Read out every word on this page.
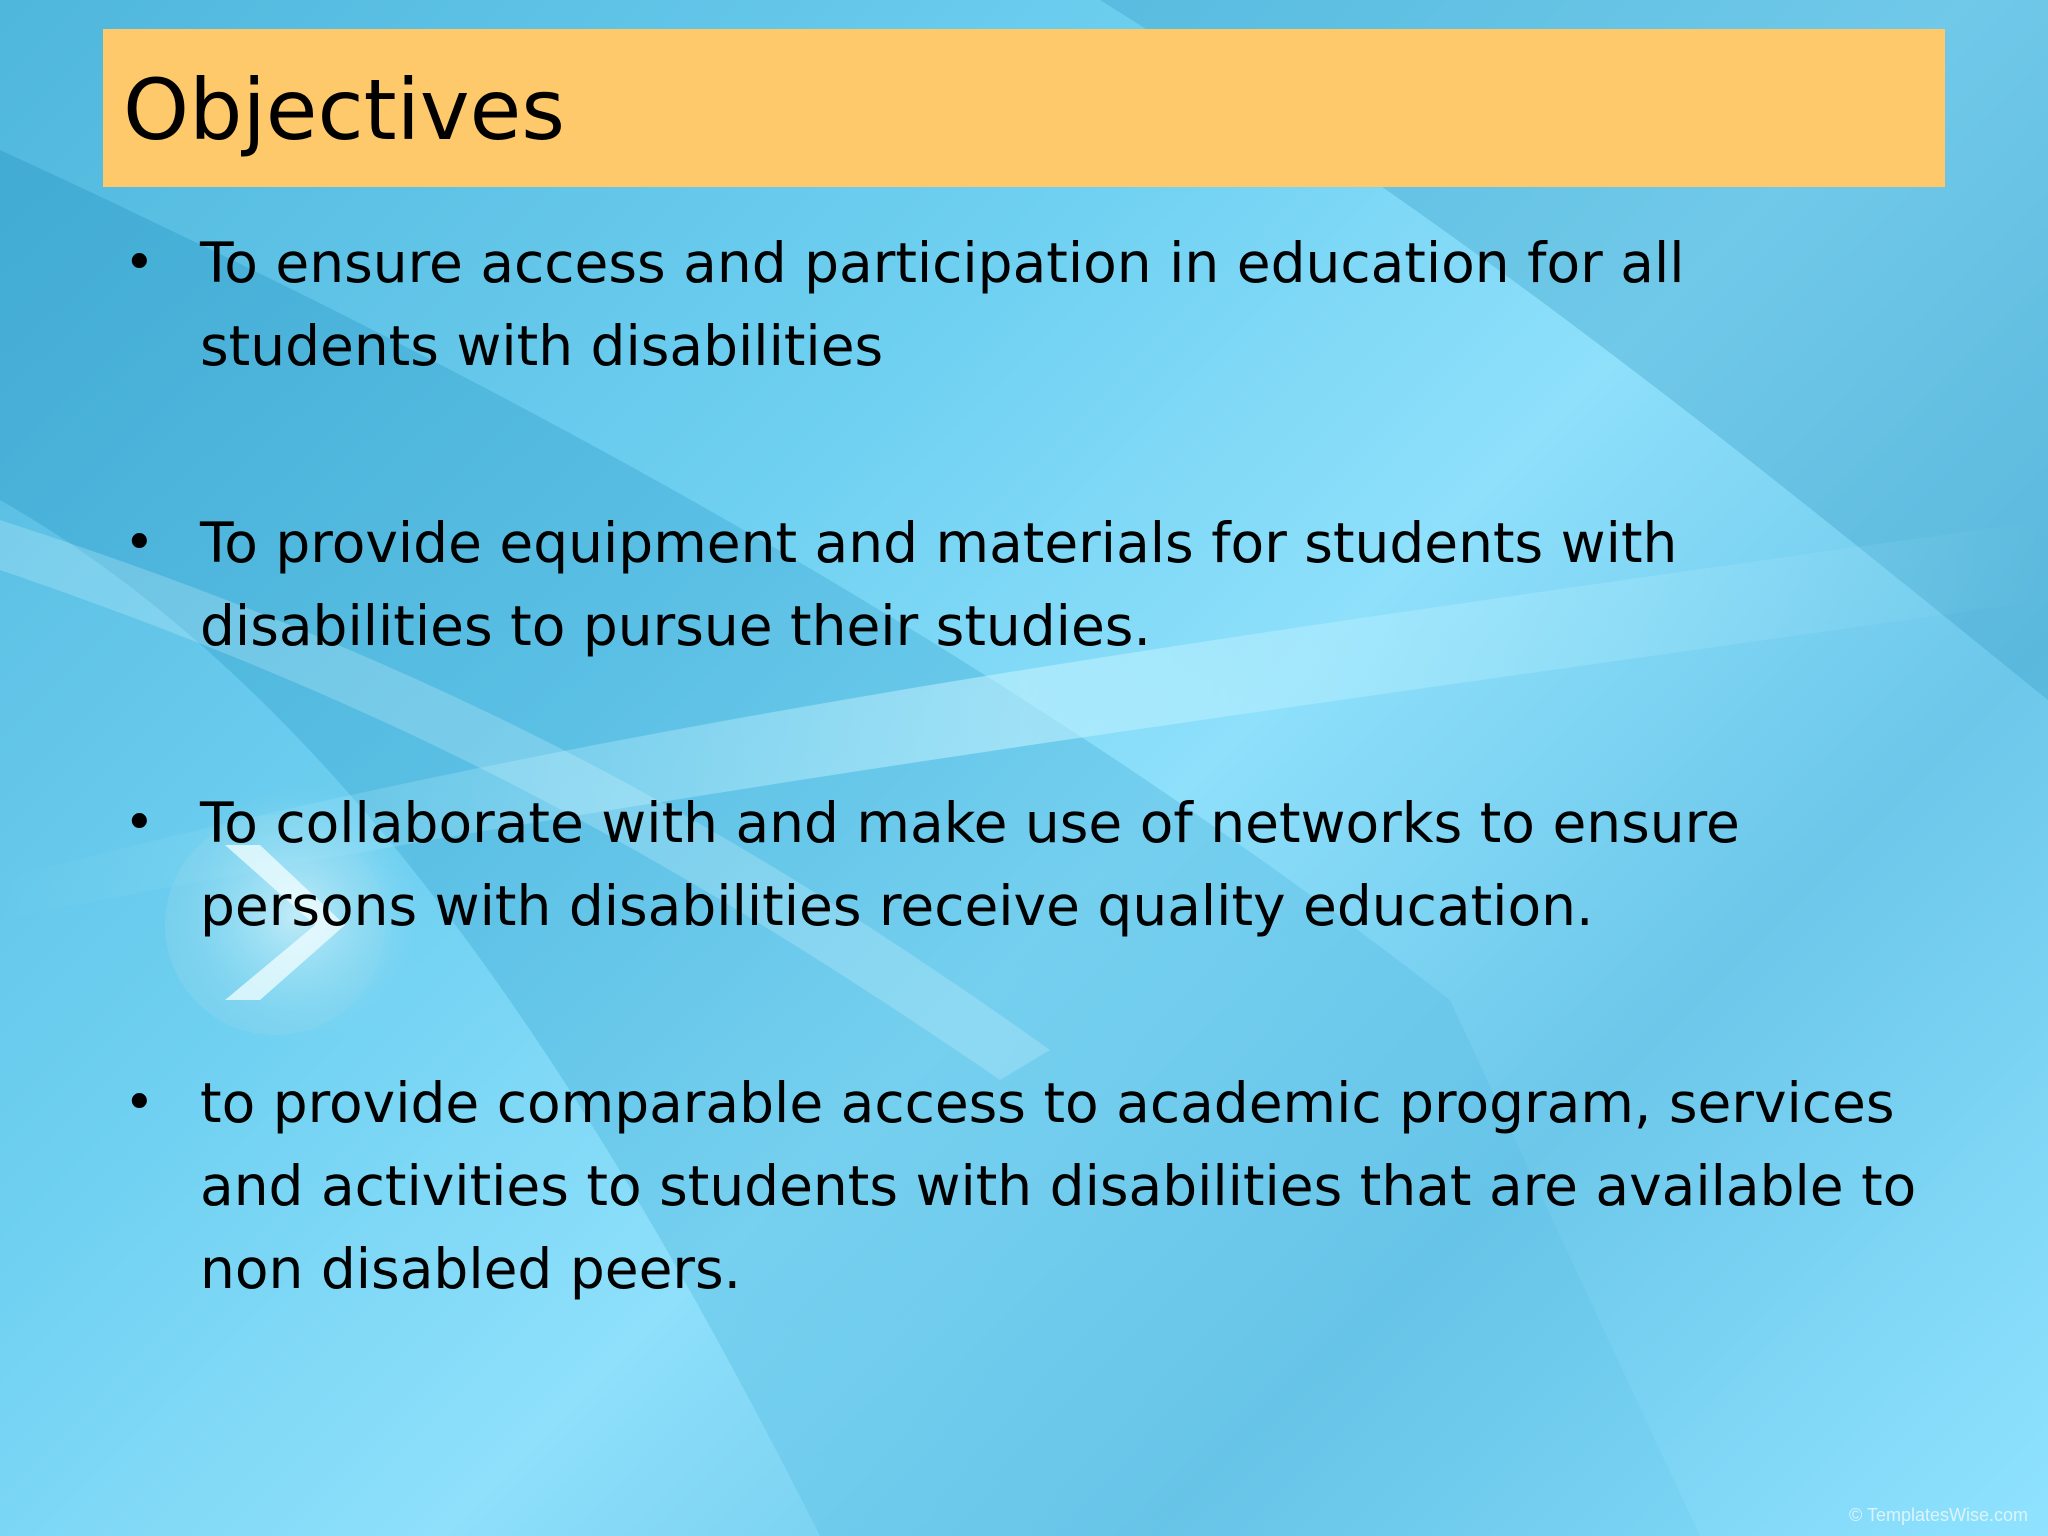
Objectives
• To ensure access and participation in education for all students with disabilities
• To provide equipment and materials for students with disabilities to pursue their studies.
• To collaborate with and make use of networks to ensure persons with disabilities receive quality education.
• to provide comparable access to academic program, services and activities to students with disabilities that are available to non disabled peers.
© TemplatesWise.com
